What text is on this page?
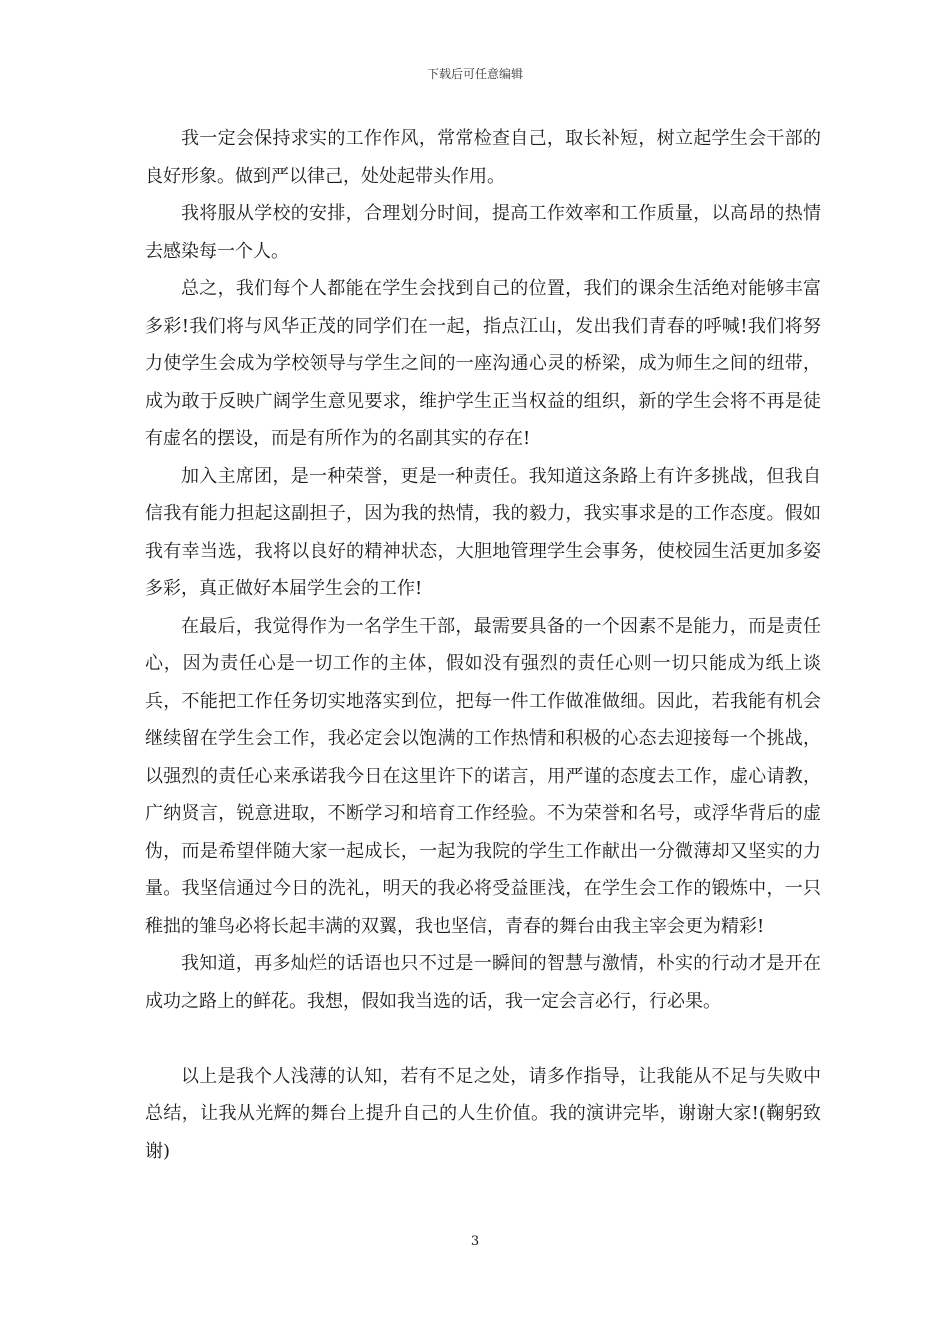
下载后可任意编辑

我一定会保持求实的工作作风，常常检查自己，取长补短，树立起学生会干部的良好形象。做到严以律己，处处起带头作用。

我将服从学校的安排，合理划分时间，提高工作效率和工作质量，以高昂的热情去感染每一个人。

总之，我们每个人都能在学生会找到自己的位置，我们的课余生活绝对能够丰富多彩!我们将与风华正茂的同学们在一起，指点江山，发出我们青春的呼喊!我们将努力使学生会成为学校领导与学生之间的一座沟通心灵的桥梁，成为师生之间的纽带，成为敢于反映广阔学生意见要求，维护学生正当权益的组织，新的学生会将不再是徒有虚名的摆设，而是有所作为的名副其实的存在!

加入主席团，是一种荣誉，更是一种责任。我知道这条路上有许多挑战，但我自信我有能力担起这副担子，因为我的热情，我的毅力，我实事求是的工作态度。假如我有幸当选，我将以良好的精神状态，大胆地管理学生会事务，使校园生活更加多姿多彩，真正做好本届学生会的工作!

在最后，我觉得作为一名学生干部，最需要具备的一个因素不是能力，而是责任心，因为责任心是一切工作的主体，假如没有强烈的责任心则一切只能成为纸上谈兵，不能把工作任务切实地落实到位，把每一件工作做准做细。因此，若我能有机会继续留在学生会工作，我必定会以饱满的工作热情和积极的心态去迎接每一个挑战，以强烈的责任心来承诺我今日在这里许下的诺言，用严谨的态度去工作，虚心请教，广纳贤言，锐意进取，不断学习和培育工作经验。不为荣誉和名号，或浮华背后的虚伪，而是希望伴随大家一起成长，一起为我院的学生工作献出一分微薄却又坚实的力量。我坚信通过今日的洗礼，明天的我必将受益匪浅，在学生会工作的锻炼中，一只稚拙的雏鸟必将长起丰满的双翼，我也坚信，青春的舞台由我主宰会更为精彩!

我知道，再多灿烂的话语也只不过是一瞬间的智慧与激情，朴实的行动才是开在成功之路上的鲜花。我想，假如我当选的话，我一定会言必行，行必果。

以上是我个人浅薄的认知，若有不足之处，请多作指导，让我能从不足与失败中总结，让我从光辉的舞台上提升自己的人生价值。我的演讲完毕，谢谢大家!(鞠躬致谢)

3
